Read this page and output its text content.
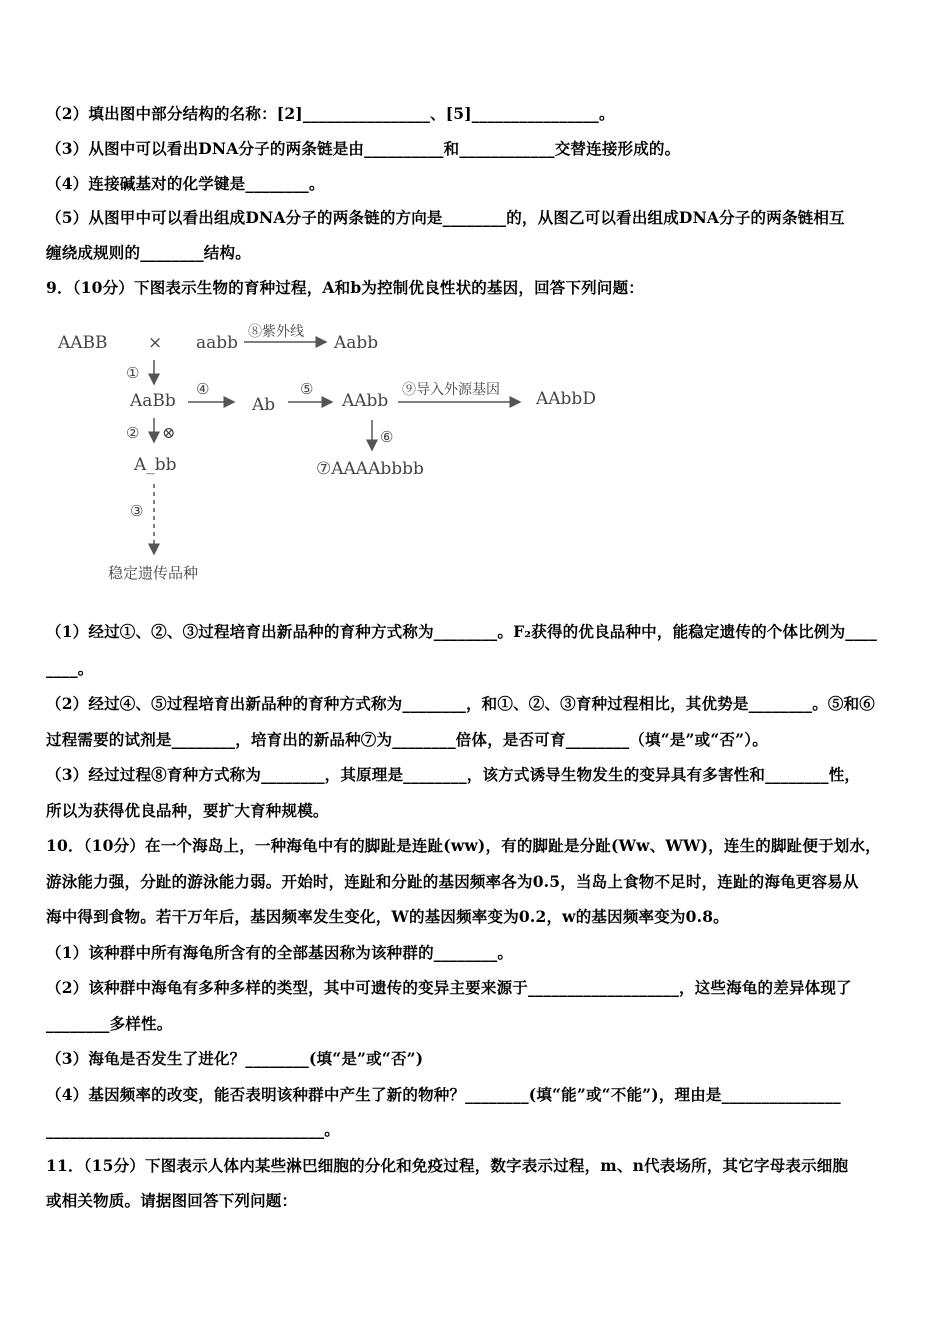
（2）填出图中部分结构的名称：[2]________________、[5]________________。
（3）从图中可以看出DNA分子的两条链是由__________和____________交替连接形成的。
（4）连接碱基对的化学键是________。
（5）从图甲中可以看出组成DNA分子的两条链的方向是________的，从图乙可以看出组成DNA分子的两条链相互
缠绕成规则的________结构。
9．（10分）下图表示生物的育种过程，A和b为控制优良性状的基因，回答下列问题：
AABB × aabb
⑧紫外线
Aabb
①
AaBb
④
Ab
⑤
AAbb
⑨导入外源基因 AAbbD
② ⊗	⑥
A_bb	⑦AAAAbbbb
③
稳定遗传品种
（1）经过①、②、③过程培育出新品种的育种方式称为________。F₂获得的优良品种中，能稳定遗传的个体比例为____
____。
（2）经过④、⑤过程培育出新品种的育种方式称为________，和①、②、③育种过程相比，其优势是________。⑤和⑥
过程需要的试剂是________，培育出的新品种⑦为________倍体，是否可育________（填“是”或“否”）。
（3）经过过程⑧育种方式称为________，其原理是________，该方式诱导生物发生的变异具有多害性和________性，
所以为获得优良品种，要扩大育种规模。
10．（10分）在一个海岛上，一种海龟中有的脚趾是连趾(ww)，有的脚趾是分趾(Ww、WW)，连生的脚趾便于划水，
游泳能力强，分趾的游泳能力弱。开始时，连趾和分趾的基因频率各为0.5，当岛上食物不足时，连趾的海龟更容易从
海中得到食物。若干万年后，基因频率发生变化，W的基因频率变为0.2，w的基因频率变为0.8。
（1）该种群中所有海龟所含有的全部基因称为该种群的________。
（2）该种群中海龟有多种多样的类型，其中可遗传的变异主要来源于___________________，这些海龟的差异体现了
________多样性。
（3）海龟是否发生了进化？________(填“是”或“否”)
（4）基因频率的改变，能否表明该种群中产生了新的物种？________(填“能”或“不能”)，理由是_______________
___________________________________。
11．（15分）下图表示人体内某些淋巴细胞的分化和免疫过程，数字表示过程，m、n代表场所，其它字母表示细胞
或相关物质。请据图回答下列问题：
